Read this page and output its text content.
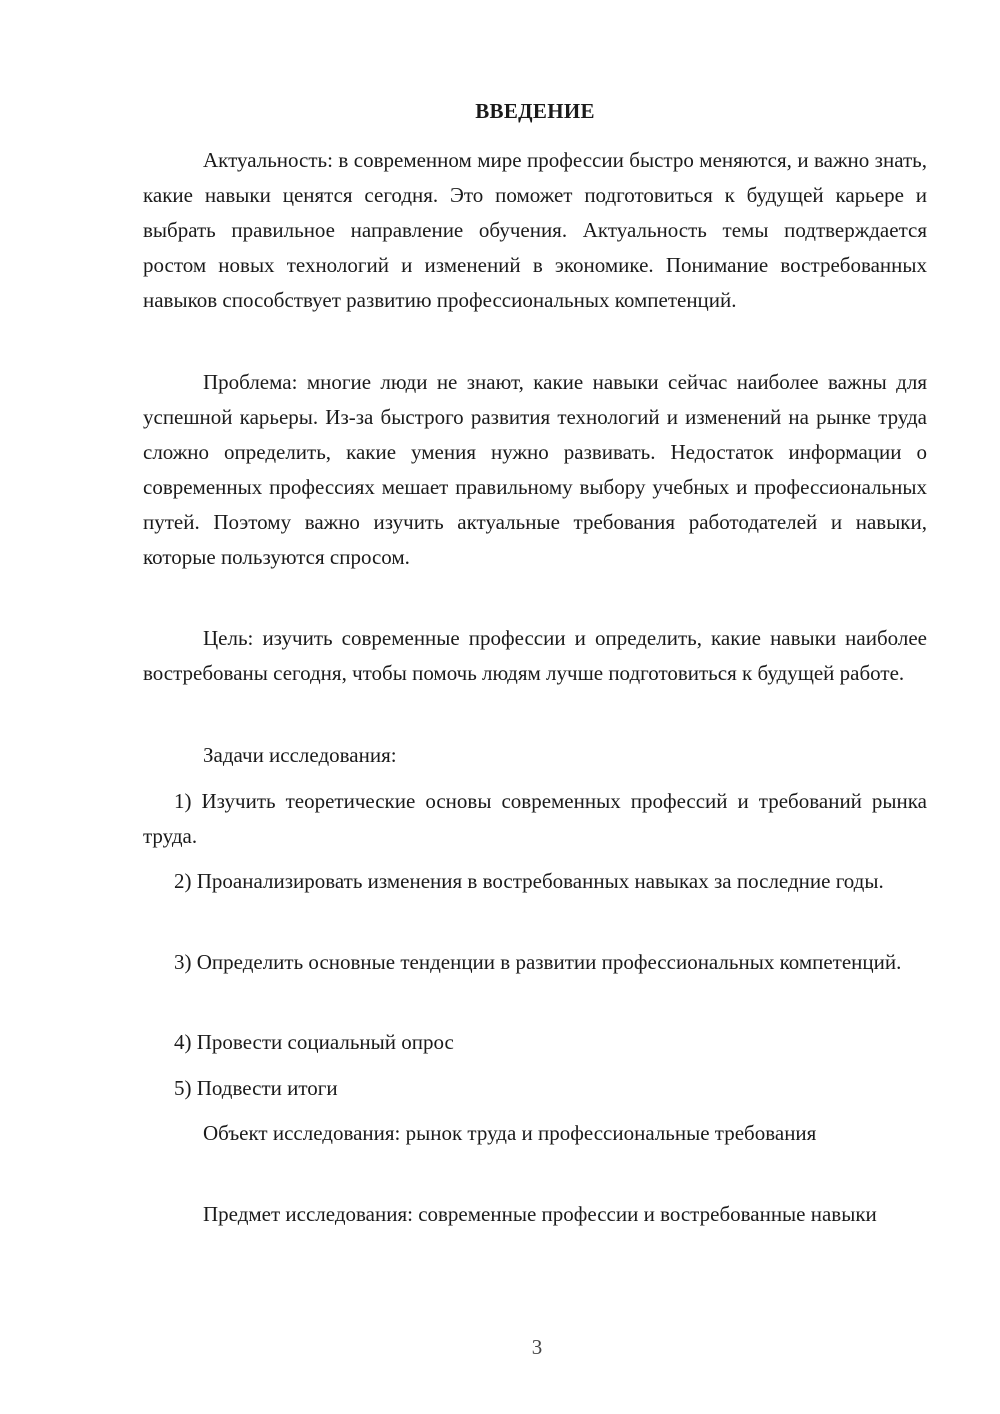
ВВЕДЕНИЕ

Актуальность: в современном мире профессии быстро меняются, и важно знать, какие навыки ценятся сегодня. Это поможет подготовиться к будущей карьере и выбрать правильное направление обучения. Актуальность темы подтверждается ростом новых технологий и изменений в экономике. Понимание востребованных навыков способствует развитию профессиональных компетенций.

Проблема: многие люди не знают, какие навыки сейчас наиболее важны для успешной карьеры. Из-за быстрого развития технологий и изменений на рынке труда сложно определить, какие умения нужно развивать. Недостаток информации о современных профессиях мешает правильному выбору учебных и профессиональных путей. Поэтому важно изучить актуальные требования работодателей и навыки, которые пользуются спросом.

Цель: изучить современные профессии и определить, какие навыки наиболее востребованы сегодня, чтобы помочь людям лучше подготовиться к будущей работе.

Задачи исследования:

1) Изучить теоретические основы современных профессий и требований рынка труда.

2) Проанализировать изменения в востребованных навыках за последние годы.

3) Определить основные тенденции в развитии профессиональных компетенций.

4) Провести социальный опрос

5) Подвести итоги

Объект исследования: рынок труда и профессиональные требования

Предмет исследования: современные профессии и востребованные навыки

3
